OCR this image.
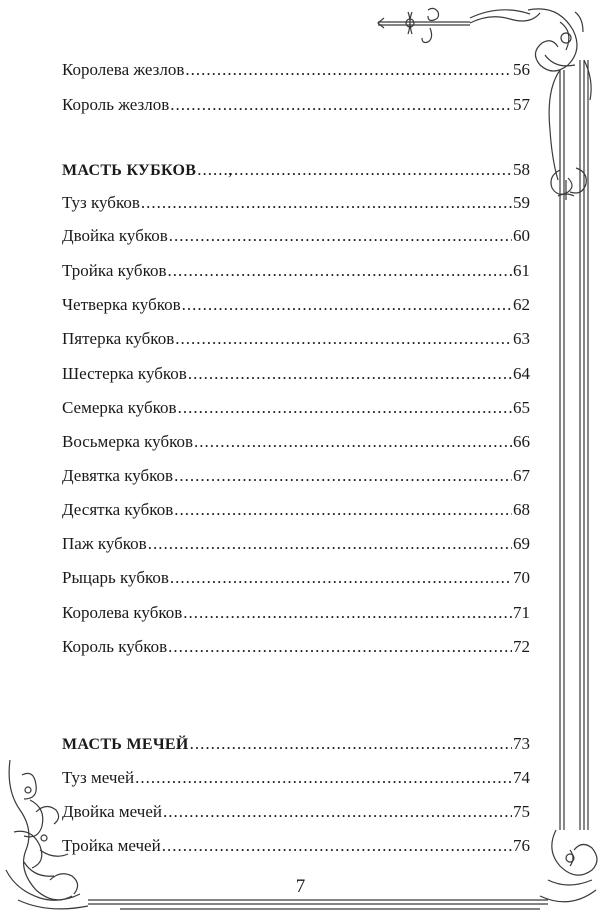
Королева жезлов .....	56
Король жезлов .....	57
МАСТЬ КУБКОВ ..... ,	58
Туз кубков .....	59
Двойка кубков .....	60
Тройка кубков .....	61
Четверка кубков .....	62
Пятерка кубков .....	63
Шестерка кубков .....	64
Семерка кубков .....	65
Восьмерка кубков .....	66
Девятка кубков .....	67
Десятка кубков .....	68
Паж кубков .....	69
Рыцарь кубков .....	70
Королева кубков .....	71
Король кубков .....	72
МАСТЬ МЕЧЕЙ .....	73
Туз мечей .....	74
Двойка мечей .....	75
Тройка мечей .....	76
7
